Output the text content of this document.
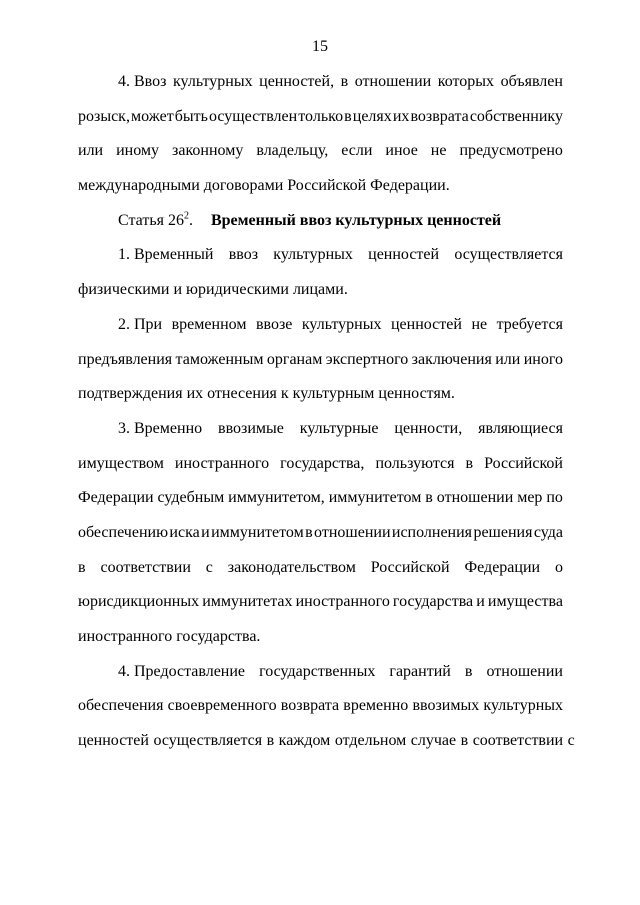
15
4. Ввоз культурных ценностей, в отношении которых объявлен
розыск, может быть осуществлен только в целях их возврата собственнику
или иному законному владельцу, если иное не предусмотрено
международными договорами Российской Федерации.
Статья $26^2$. Временный ввоз культурных ценностей
1. Временный ввоз культурных ценностей осуществляется
физическими и юридическими лицами.
2. При временном ввозе культурных ценностей не требуется
предъявления таможенным органам экспертного заключения или иного
подтверждения их отнесения к культурным ценностям.
3. Временно ввозимые культурные ценности, являющиеся
имуществом иностранного государства, пользуются в Российской
Федерации судебным иммунитетом, иммунитетом в отношении мер по
обеспечению иска и иммунитетом в отношении исполнения решения суда
в соответствии с законодательством Российской Федерации о
юрисдикционных иммунитетах иностранного государства и имущества
иностранного государства.
4. Предоставление государственных гарантий в отношении
обеспечения своевременного возврата временно ввозимых культурных
ценностей осуществляется в каждом отдельном случае в соответствии с
